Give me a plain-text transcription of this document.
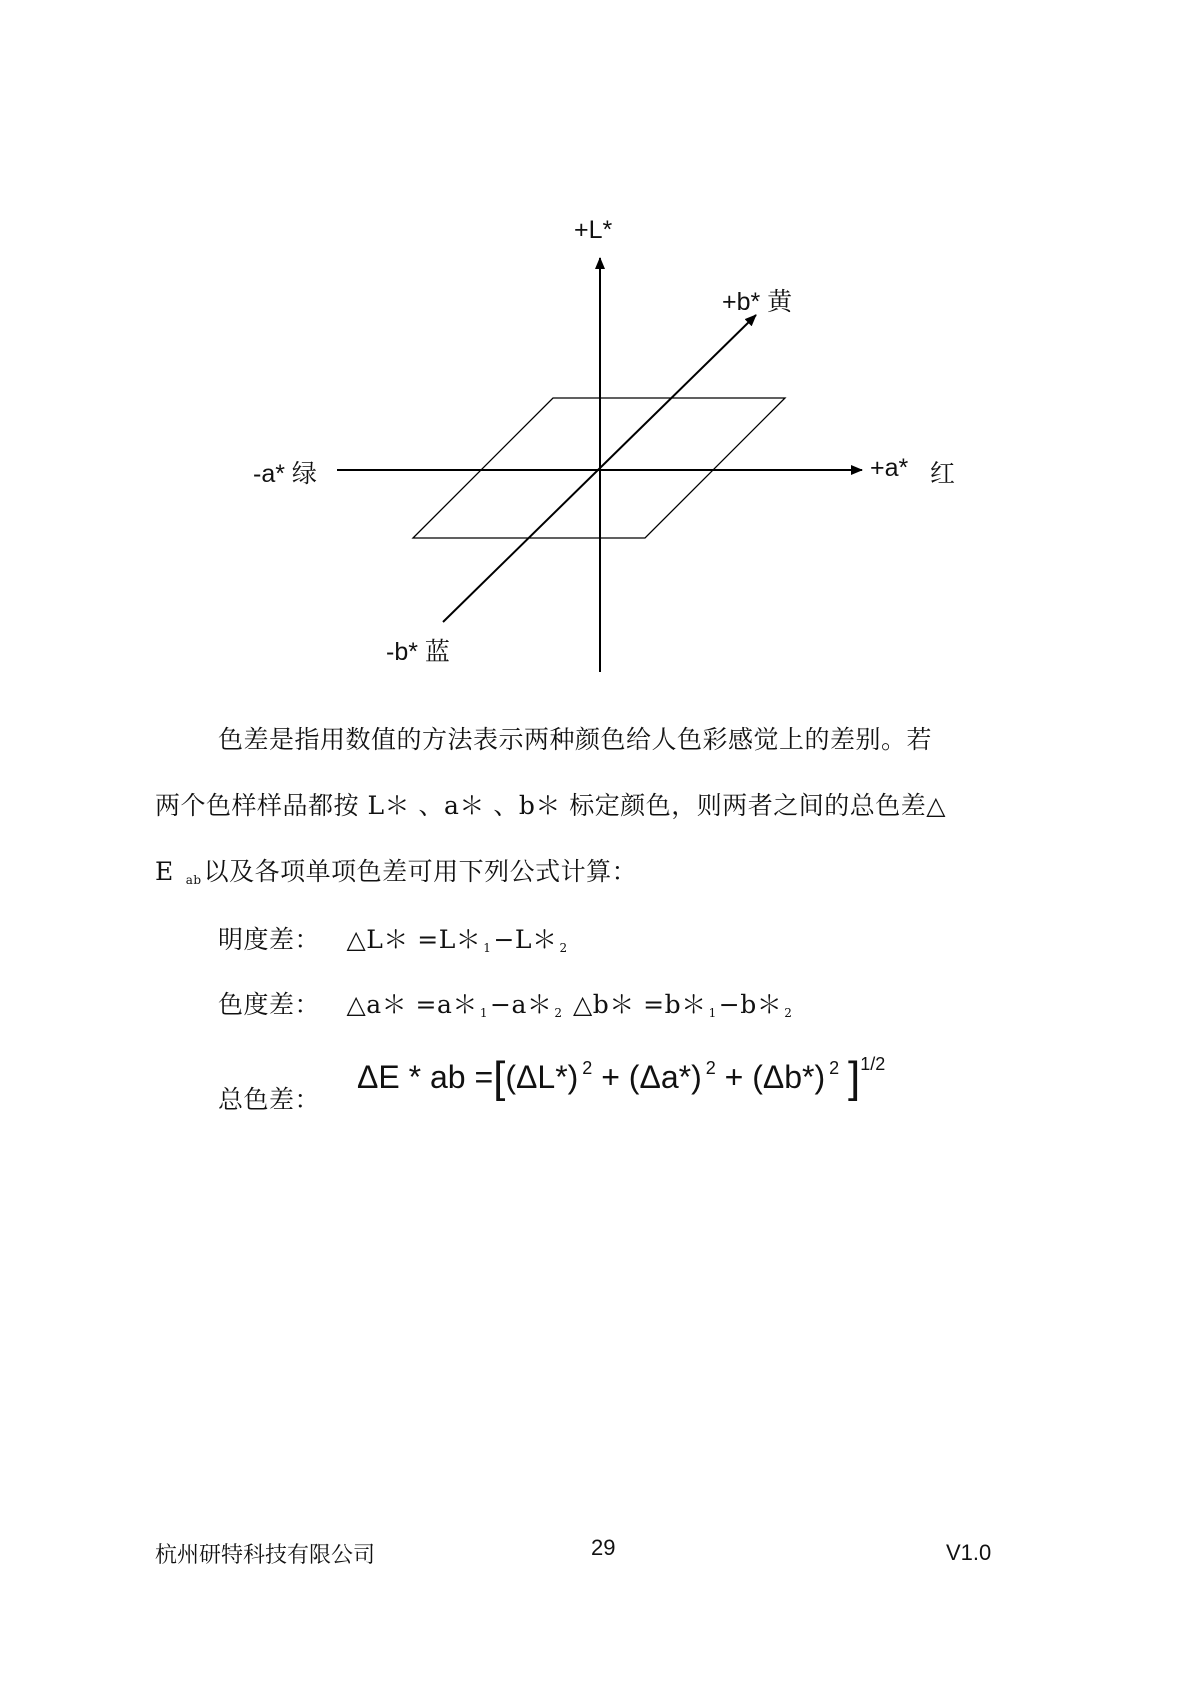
+L*
+b* 黄
-a* 绿	+a* 红
-b* 蓝
色差是指用数值的方法表示两种颜色给人色彩感觉上的差别。若
两个色样样品都按 L＊ 、a＊ 、b＊ 标定颜色，则两者之间的总色差△
E $_{ab}$以及各项单项色差可用下列公式计算：
明度差： △L＊ =L＊ $_1$−L＊ $_2$
色度差： △a＊ =a＊ $_1$−a＊ $_2$ △b＊ =b＊ $_1$−b＊ $_2$
总色差：
ΔE * ab =[(ΔL*) $^2$ + (Δa*) $^2$ + (Δb*) $^2$ ]$^{1/2}$
杭州研特科技有限公司	29	V1.0
